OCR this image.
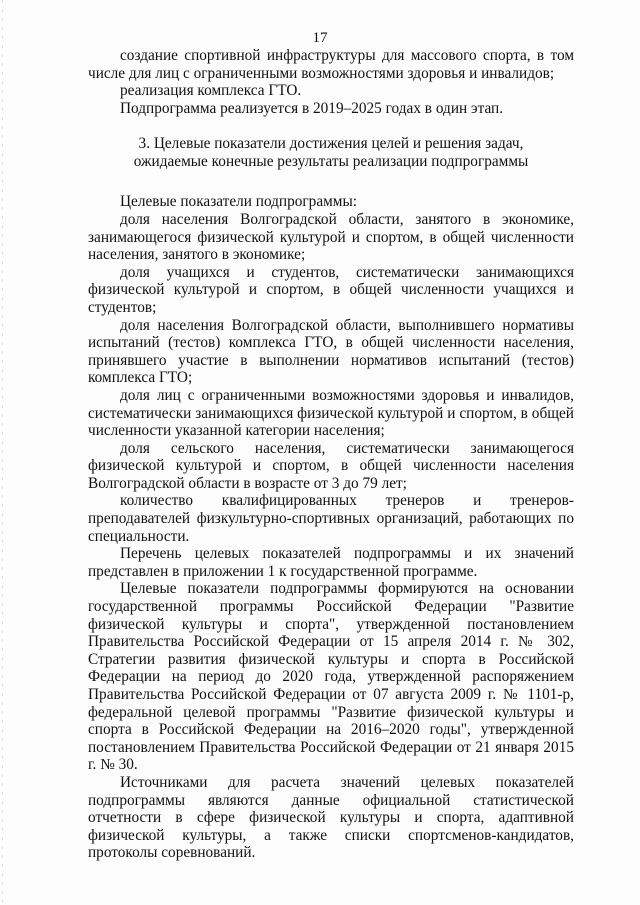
17

создание спортивной инфраструктуры для массового спорта, в том числе для лиц с ограниченными возможностями здоровья и инвалидов;

реализация комплекса ГТО.

Подпрограмма реализуется в 2019–2025 годах в один этап.

3. Целевые показатели достижения целей и решения задач,
ожидаемые конечные результаты реализации подпрограммы

Целевые показатели подпрограммы:

доля населения Волгоградской области, занятого в экономике, занимающегося физической культурой и спортом, в общей численности населения, занятого в экономике;

доля учащихся и студентов, систематически занимающихся физической культурой и спортом, в общей численности учащихся и студентов;

доля населения Волгоградской области, выполнившего нормативы испытаний (тестов) комплекса ГТО, в общей численности населения, принявшего участие в выполнении нормативов испытаний (тестов) комплекса ГТО;

доля лиц с ограниченными возможностями здоровья и инвалидов, систематически занимающихся физической культурой и спортом, в общей численности указанной категории населения;

доля сельского населения, систематически занимающегося физической культурой и спортом, в общей численности населения Волгоградской области в возрасте от 3 до 79 лет;

количество квалифицированных тренеров и тренеров-преподавателей физкультурно-спортивных организаций, работающих по специальности.

Перечень целевых показателей подпрограммы и их значений представлен в приложении 1 к государственной программе.

Целевые показатели подпрограммы формируются на основании государственной программы Российской Федерации "Развитие физической культуры и спорта", утвержденной постановлением Правительства Российской Федерации от 15 апреля 2014 г. № 302, Стратегии развития физической культуры и спорта в Российской Федерации на период до 2020 года, утвержденной распоряжением Правительства Российской Федерации от 07 августа 2009 г. № 1101-р, федеральной целевой программы "Развитие физической культуры и спорта в Российской Федерации на 2016–2020 годы", утвержденной постановлением Правительства Российской Федерации от 21 января 2015 г. № 30.

Источниками для расчета значений целевых показателей подпрограммы являются данные официальной статистической отчетности в сфере физической культуры и спорта, адаптивной физической культуры, а также списки спортсменов-кандидатов, протоколы соревнований.
